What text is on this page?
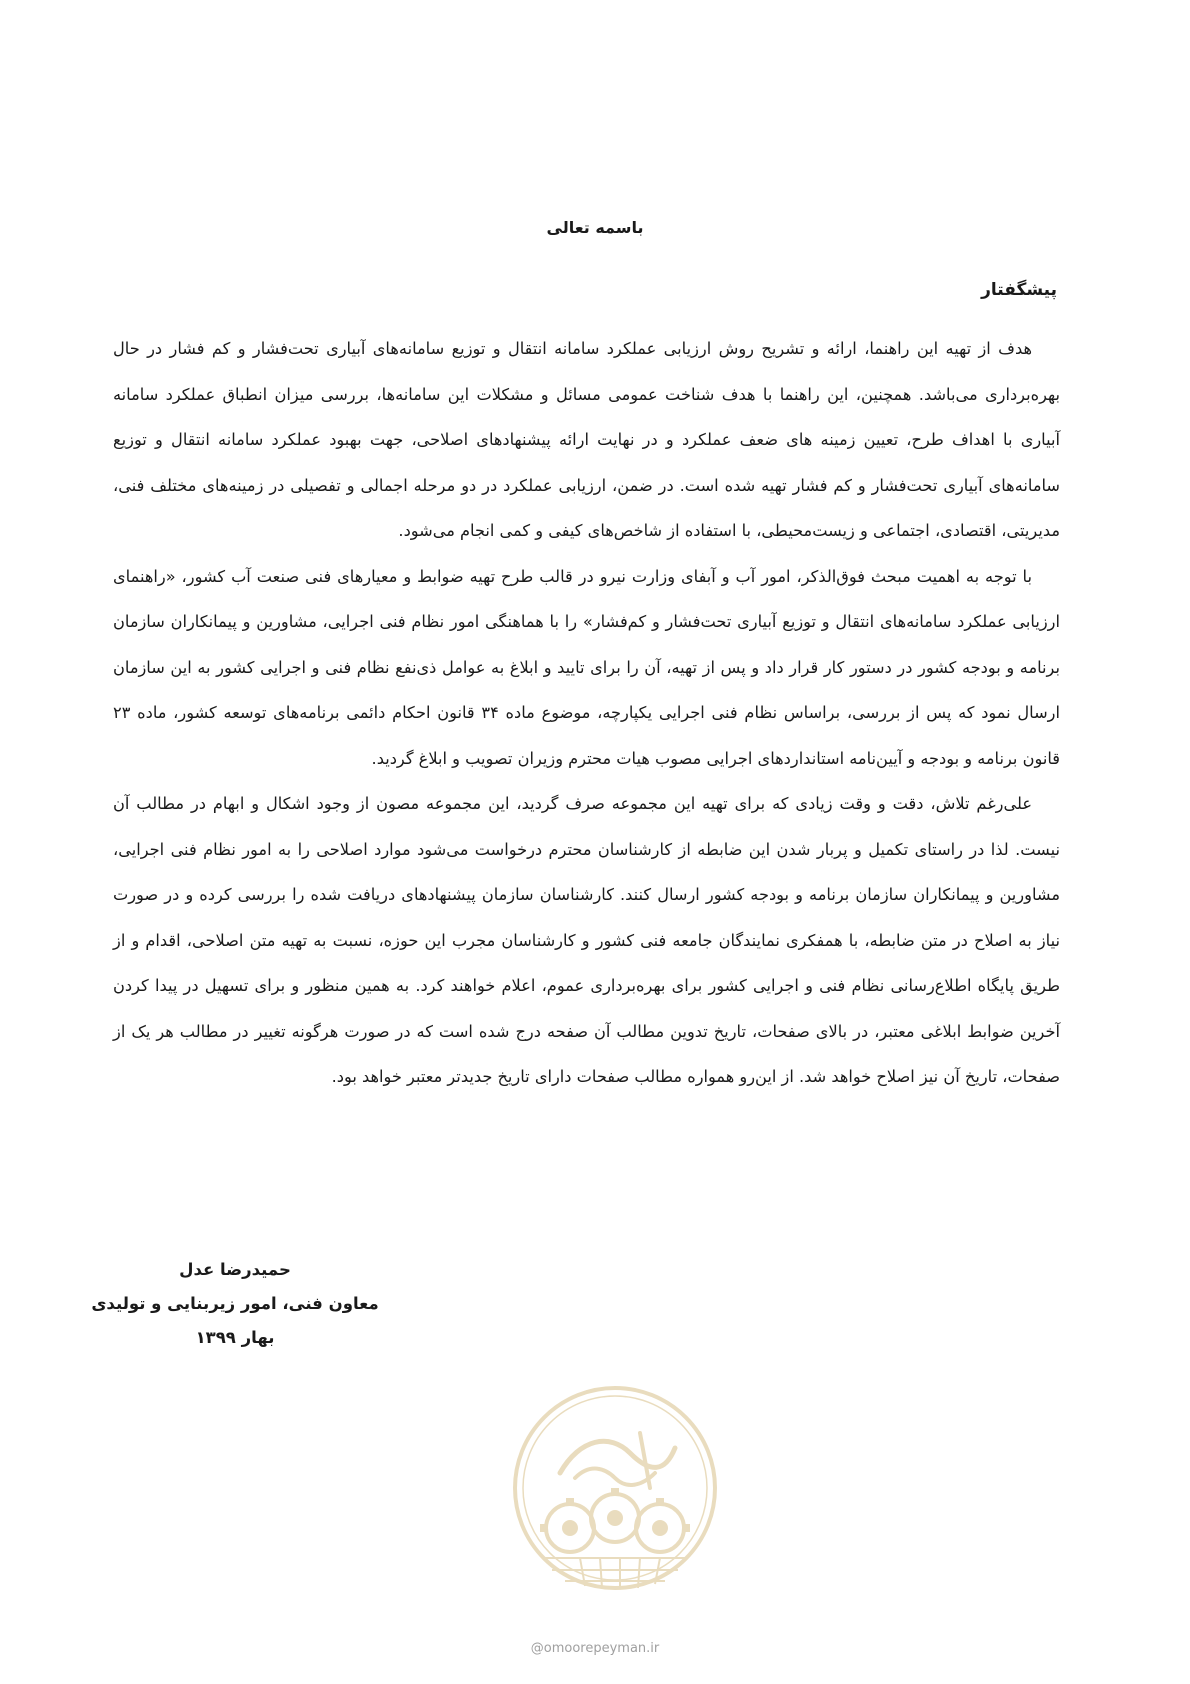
باسمه تعالی
پیشگفتار

هدف از تهیه این راهنما، ارائه و تشریح روش ارزیابی عملکرد سامانه انتقال و توزیع سامانه‌های آبیاری تحت‌فشار و کم فشار در حال بهره‌برداری می‌باشد. همچنین، این راهنما با هدف شناخت عمومی مسائل و مشکلات این سامانه‌ها، بررسی میزان انطباق عملکرد سامانه آبیاری با اهداف طرح، تعیین زمینه های ضعف عملکرد و در نهایت ارائه پیشنهادهای اصلاحی، جهت بهبود عملکرد سامانه انتقال و توزیع سامانه‌های آبیاری تحت‌فشار و کم فشار تهیه شده است. در ضمن، ارزیابی عملکرد در دو مرحله اجمالی و تفصیلی در زمینه‌های مختلف فنی، مدیریتی، اقتصادی، اجتماعی و زیست‌محیطی، با استفاده از شاخص‌های کیفی و کمی انجام می‌شود.

با توجه به اهمیت مبحث فوق‌الذکر، امور آب و آبفای وزارت نیرو در قالب طرح تهیه ضوابط و معیارهای فنی صنعت آب کشور، «راهنمای ارزیابی عملکرد سامانه‌های انتقال و توزیع آبیاری تحت‌فشار و کم‌فشار» را با هماهنگی امور نظام فنی اجرایی، مشاورین و پیمانکاران سازمان برنامه و بودجه کشور در دستور کار قرار داد و پس از تهیه، آن را برای تایید و ابلاغ به عوامل ذی‌نفع نظام فنی و اجرایی کشور به این سازمان ارسال نمود که پس از بررسی، براساس نظام فنی اجرایی یکپارچه، موضوع ماده ۳۴ قانون احکام دائمی برنامه‌های توسعه کشور، ماده ۲۳ قانون برنامه و بودجه و آیین‌نامه استانداردهای اجرایی مصوب هیات محترم وزیران تصویب و ابلاغ گردید.

علی‌رغم تلاش، دقت و وقت زیادی که برای تهیه این مجموعه صرف گردید، این مجموعه مصون از وجود اشکال و ابهام در مطالب آن نیست. لذا در راستای تکمیل و پربار شدن این ضابطه از کارشناسان محترم درخواست می‌شود موارد اصلاحی را به امور نظام فنی اجرایی، مشاورین و پیمانکاران سازمان برنامه و بودجه کشور ارسال کنند. کارشناسان سازمان پیشنهادهای دریافت شده را بررسی کرده و در صورت نیاز به اصلاح در متن ضابطه، با همفکری نمایندگان جامعه فنی کشور و کارشناسان مجرب این حوزه، نسبت به تهیه متن اصلاحی، اقدام و از طریق پایگاه اطلاع‌رسانی نظام فنی و اجرایی کشور برای بهره‌برداری عموم، اعلام خواهند کرد. به همین منظور و برای تسهیل در پیدا کردن آخرین ضوابط ابلاغی معتبر، در بالای صفحات، تاریخ تدوین مطالب آن صفحه درج شده است که در صورت هرگونه تغییر در مطالب هر یک از صفحات، تاریخ آن نیز اصلاح خواهد شد. از این‌رو همواره مطالب صفحات دارای تاریخ جدیدتر معتبر خواهد بود.

حمیدرضا عدل
معاون فنی، امور زیربنایی و تولیدی
بهار ۱۳۹۹
@omoorepeyman.ir
